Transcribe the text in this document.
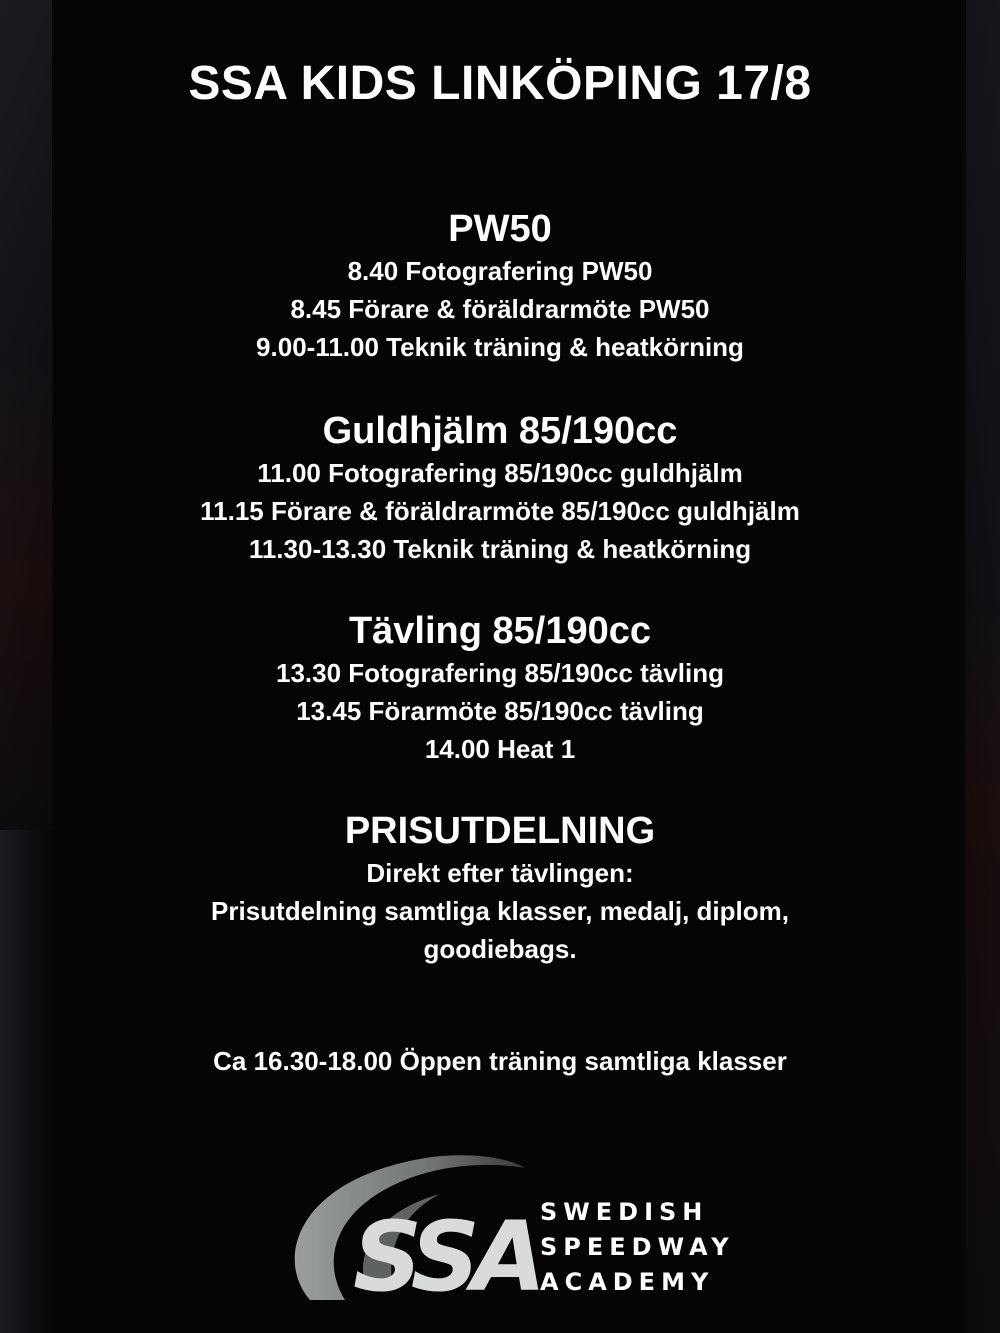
SSA KIDS LINKÖPING 17/8
PW50
8.40 Fotografering PW50
8.45 Förare & föräldrarmöte PW50
9.00-11.00 Teknik träning & heatkörning
Guldhjälm 85/190cc
11.00 Fotografering 85/190cc guldhjälm
11.15 Förare & föräldrarmöte 85/190cc guldhjälm
11.30-13.30 Teknik träning & heatkörning
Tävling 85/190cc
13.30 Fotografering 85/190cc tävling
13.45 Förarmöte 85/190cc tävling
14.00 Heat 1
PRISUTDELNING
Direkt efter tävlingen:
Prisutdelning samtliga klasser, medalj, diplom,
goodiebags.
Ca 16.30-18.00 Öppen träning samtliga klasser
SSA SWEDISH
SPEEDWAY
ACADEMY
